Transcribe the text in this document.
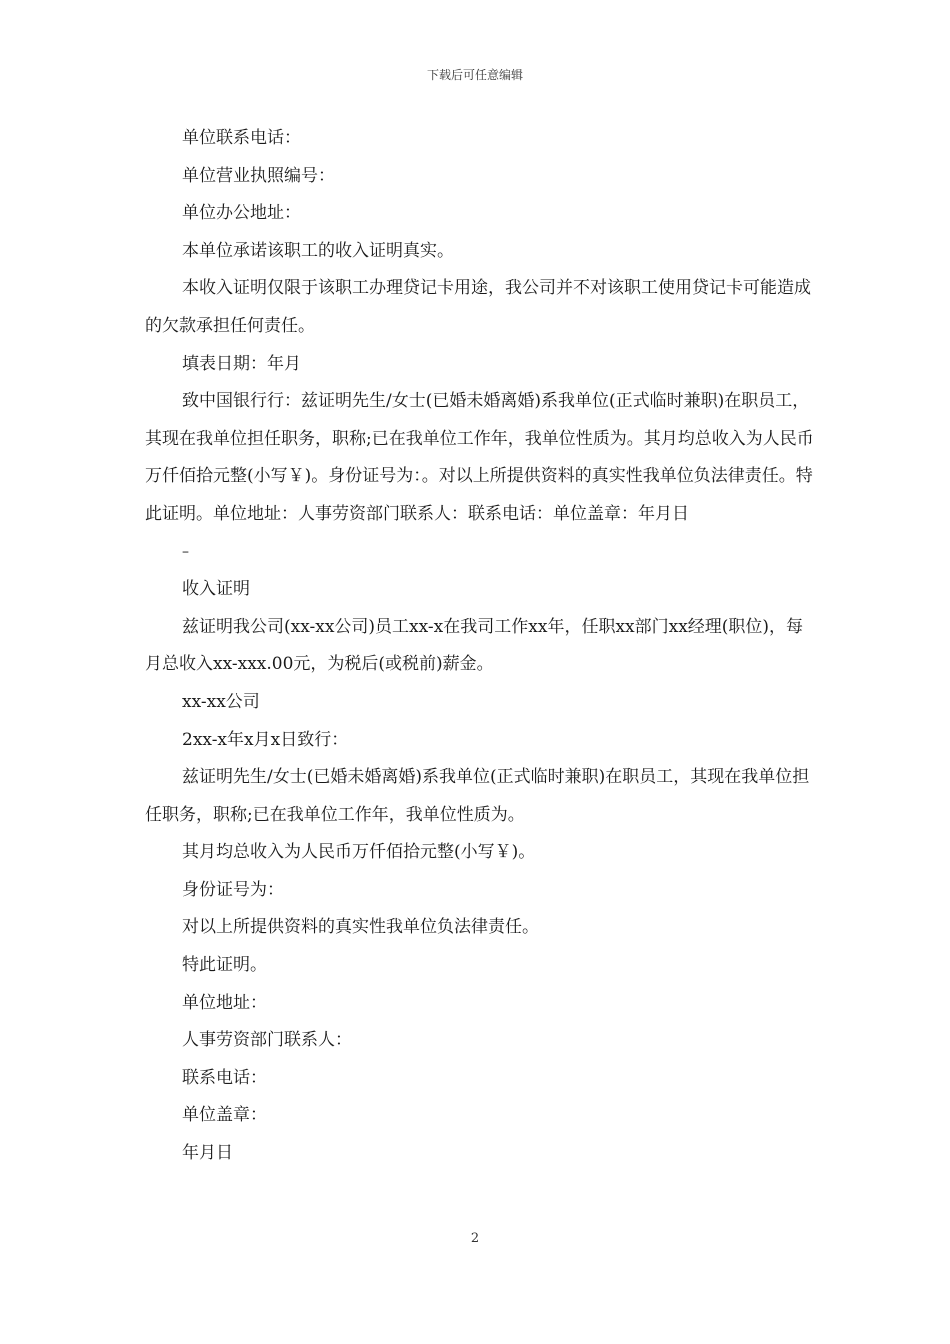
下载后可任意编辑

单位联系电话：

单位营业执照编号：

单位办公地址：

本单位承诺该职工的收入证明真实。

本收入证明仅限于该职工办理贷记卡用途，我公司并不对该职工使用贷记卡可能造成的欠款承担任何责任。

填表日期：年月

致中国银行行：兹证明先生/女士(已婚未婚离婚)系我单位(正式临时兼职)在职员工，其现在我单位担任职务，职称;已在我单位工作年，我单位性质为。其月均总收入为人民币万仟佰拾元整(小写￥)。身份证号为：。对以上所提供资料的真实性我单位负法律责任。特此证明。单位地址：人事劳资部门联系人：联系电话：单位盖章：年月日

–

收入证明

兹证明我公司(xx-xx公司)员工xx-x在我司工作xx年，任职xx部门xx经理(职位)，每月总收入xx-xxx.00元，为税后(或税前)薪金。

xx-xx公司

2xx-x年x月x日致行：

兹证明先生/女士(已婚未婚离婚)系我单位(正式临时兼职)在职员工，其现在我单位担任职务，职称;已在我单位工作年，我单位性质为。

其月均总收入为人民币万仟佰拾元整(小写￥)。

身份证号为：

对以上所提供资料的真实性我单位负法律责任。

特此证明。

单位地址：

人事劳资部门联系人：

联系电话：

单位盖章：

年月日

2
